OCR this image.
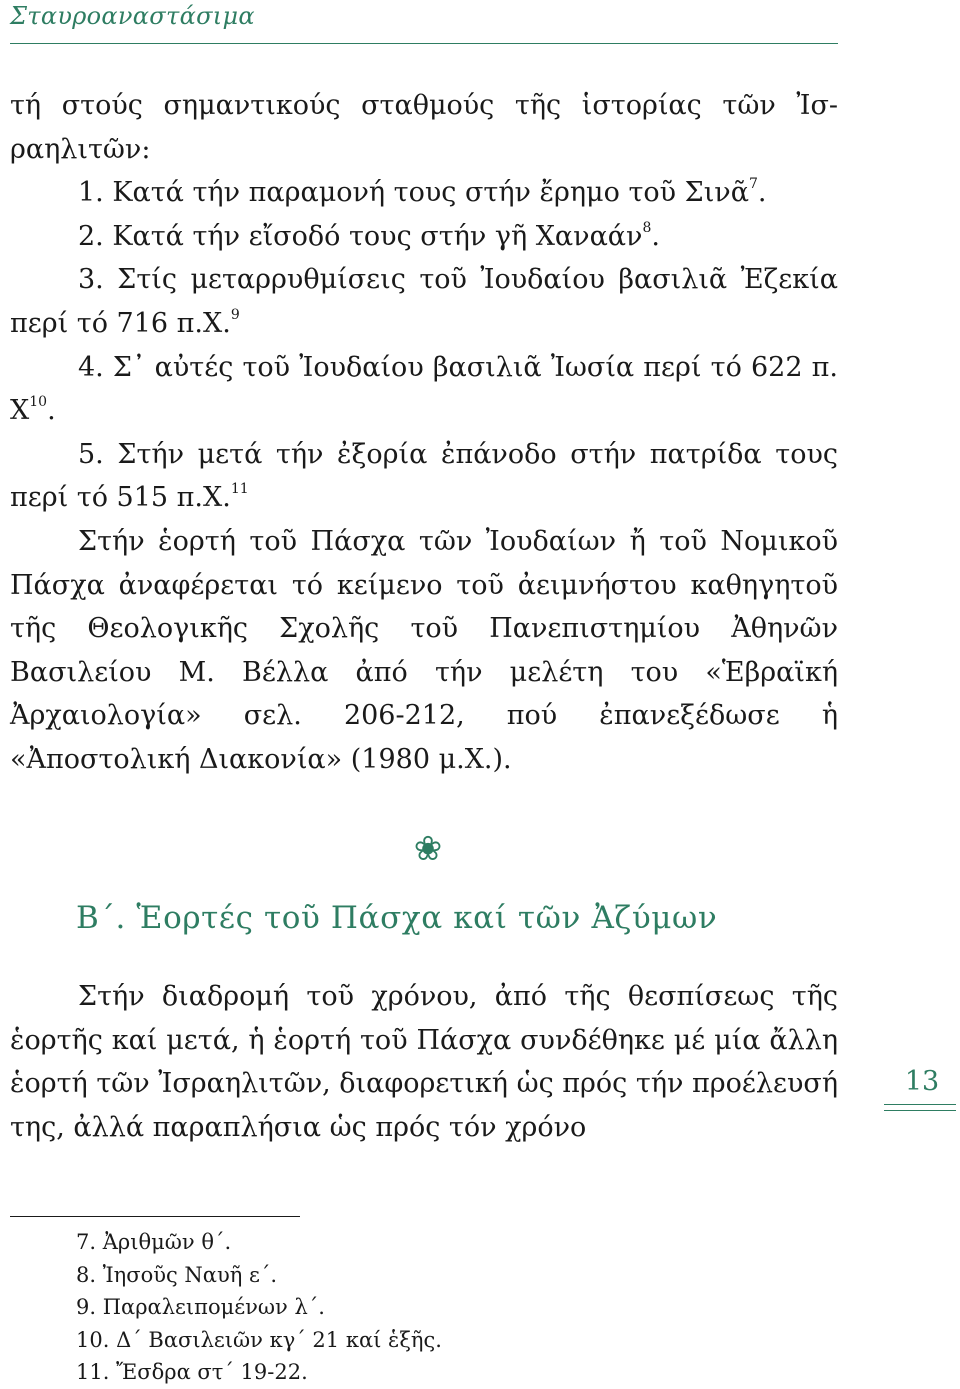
Σταυροαναστάσιμα

τή στούς σημαντικούς σταθμούς τῆς ἱστορίας τῶν Ἰσραηλιτῶν:

1. Κατά τήν παραμονή τους στήν ἔρημο τοῦ Σινᾶ$^7$.

2. Κατά τήν εἴσοδό τους στήν γῆ Χαναάν$^8$.

3. Στίς μεταρρυθμίσεις τοῦ Ἰουδαίου βασιλιᾶ Ἐζεκία περί τό 716 π.Χ.$^9$

4. Σ᾽ αὐτές τοῦ Ἰουδαίου βασιλιᾶ Ἰωσία περί τό 622 π. $X^{10}$.

5. Στήν μετά τήν ἐξορία ἐπάνοδο στήν πατρίδα τους περί τό 515 π.Χ.$^{11}$

Στήν ἑορτή τοῦ Πάσχα τῶν Ἰουδαίων ἤ τοῦ Νομικοῦ Πάσχα ἀναφέρεται τό κείμενο τοῦ ἀειμνήστου καθηγητοῦ τῆς Θεολογικῆς Σχολῆς τοῦ Πανεπιστημίου Ἀθηνῶν Βασιλείου Μ. Βέλλα ἀπό τήν μελέτη του «Ἑβραϊκή Ἀρχαιολογία» σελ. 206-212, πού ἐπανεξέδωσε ἡ «Ἀποστολική Διακονία» (1980 μ.Χ.).

❀
Β΄. Ἑορτές τοῦ Πάσχα καί τῶν Ἀζύμων

Στήν διαδρομή τοῦ χρόνου, ἀπό τῆς θεσπίσεως τῆς ἑορτῆς καί μετά, ἡ ἑορτή τοῦ Πάσχα συνδέθηκε μέ μία ἄλλη ἑορτή τῶν Ἰσραηλιτῶν, διαφορετική ὡς πρός τήν προέλευσή της, ἀλλά παραπλήσια ὡς πρός τόν χρόνο

13
7. Ἀριθμῶν θ΄.
8. Ἰησοῦς Ναυῆ ε΄.
9. Παραλειπομένων λ΄.
10. Δ΄ Βασιλειῶν κγ΄ 21 καί ἑξῆς.
11. Ἔσδρα στ΄ 19-22.
